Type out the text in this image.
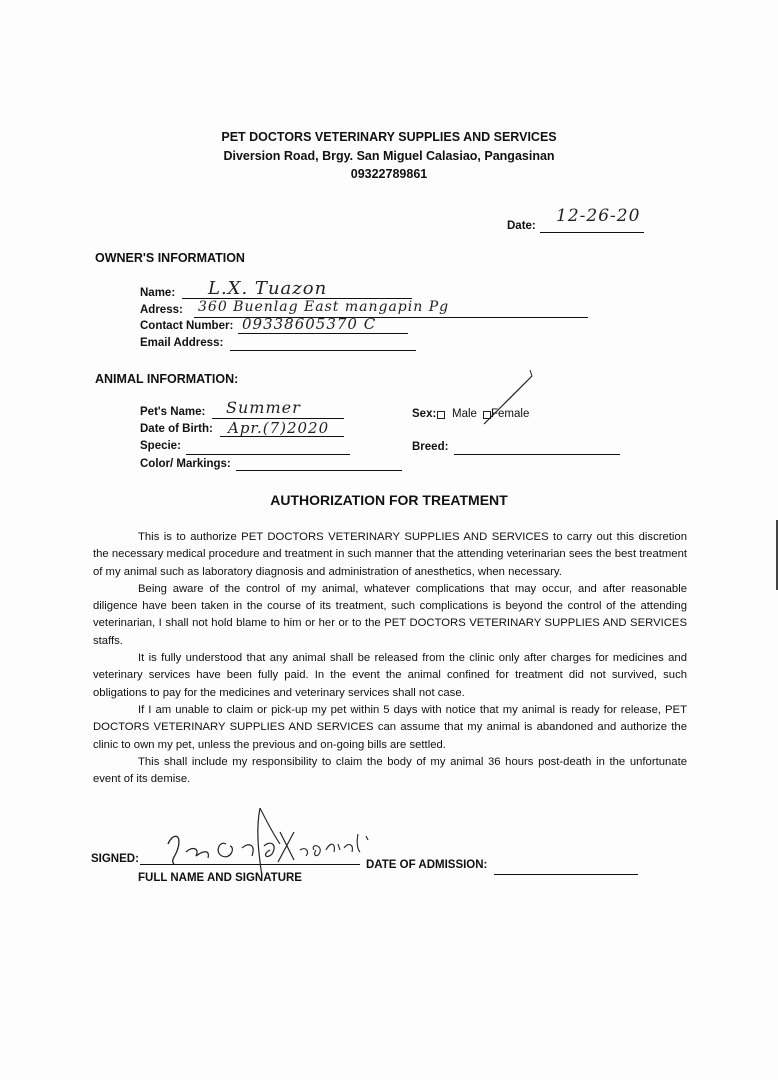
PET DOCTORS VETERINARY SUPPLIES AND SERVICES
Diversion Road, Brgy. San Miguel Calasiao, Pangasinan
09322789861
Date: 12-26-20
OWNER'S INFORMATION
Name: L.X. Tuazon
Adress: 360 Buenlag East mangapin Pg
Contact Number: 09338605370 C
Email Address:
ANIMAL INFORMATION:
Pet's Name: Summer
Date of Birth: Apr.(7)2020
Specie:
Color/ Markings:
Sex: Male Female
Breed:
AUTHORIZATION FOR TREATMENT

This is to authorize PET DOCTORS VETERINARY SUPPLIES AND SERVICES to carry out this discretion the necessary medical procedure and treatment in such manner that the attending veterinarian sees the best treatment of my animal such as laboratory diagnosis and administration of anesthetics, when necessary.

Being aware of the control of my animal, whatever complications that may occur, and after reasonable diligence have been taken in the course of its treatment, such complications is beyond the control of the attending veterinarian, I shall not hold blame to him or her or to the PET DOCTORS VETERINARY SUPPLIES AND SERVICES staffs.

It is fully understood that any animal shall be released from the clinic only after charges for medicines and veterinary services have been fully paid. In the event the animal confined for treatment did not survived, such obligations to pay for the medicines and veterinary services shall not case.

If I am unable to claim or pick-up my pet within 5 days with notice that my animal is ready for release, PET DOCTORS VETERINARY SUPPLIES AND SERVICES can assume that my animal is abandoned and authorize the clinic to own my pet, unless the previous and on-going bills are settled.

This shall include my responsibility to claim the body of my animal 36 hours post-death in the unfortunate event of its demise.

SIGNED:
FULL NAME AND SIGNATURE
DATE OF ADMISSION:
